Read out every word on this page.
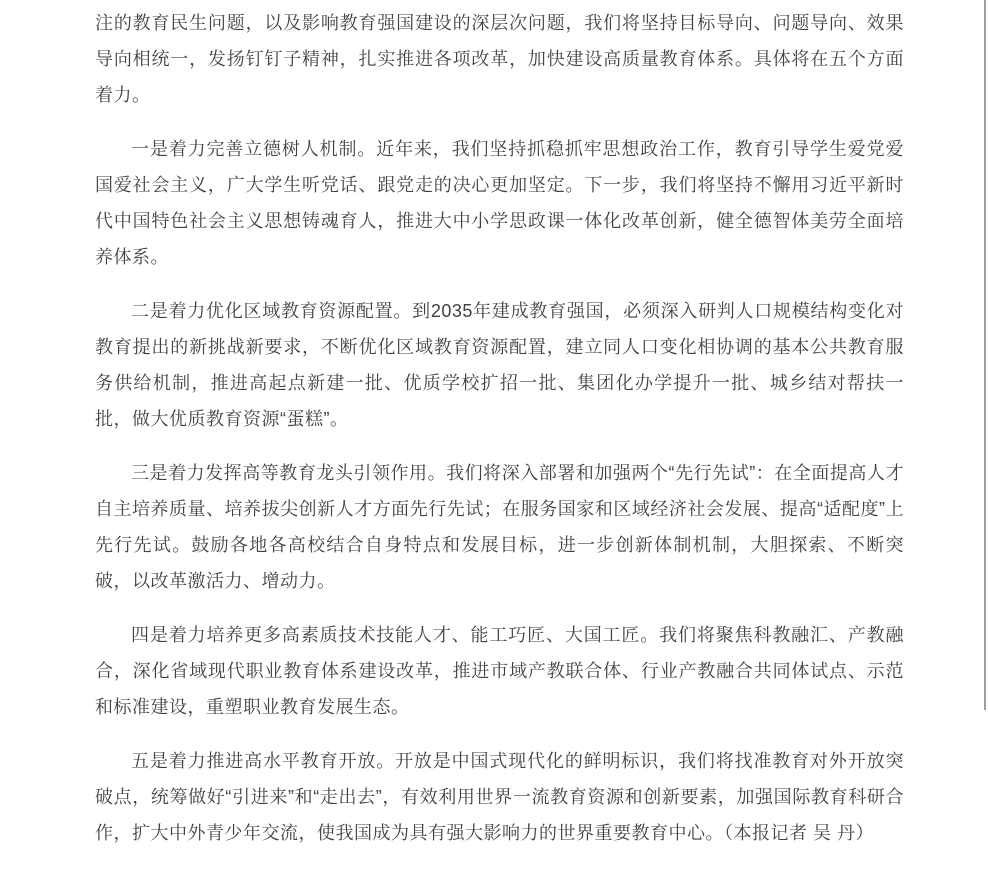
注的教育民生问题，以及影响教育强国建设的深层次问题，我们将坚持目标导向、问题导向、效果导向相统一，发扬钉钉子精神，扎实推进各项改革，加快建设高质量教育体系。具体将在五个方面着力。

一是着力完善立德树人机制。近年来，我们坚持抓稳抓牢思想政治工作，教育引导学生爱党爱国爱社会主义，广大学生听党话、跟党走的决心更加坚定。下一步，我们将坚持不懈用习近平新时代中国特色社会主义思想铸魂育人，推进大中小学思政课一体化改革创新，健全德智体美劳全面培养体系。

二是着力优化区域教育资源配置。到2035年建成教育强国，必须深入研判人口规模结构变化对教育提出的新挑战新要求，不断优化区域教育资源配置，建立同人口变化相协调的基本公共教育服务供给机制，推进高起点新建一批、优质学校扩招一批、集团化办学提升一批、城乡结对帮扶一批，做大优质教育资源“蛋糕”。

三是着力发挥高等教育龙头引领作用。我们将深入部署和加强两个“先行先试”：在全面提高人才自主培养质量、培养拔尖创新人才方面先行先试；在服务国家和区域经济社会发展、提高“适配度”上先行先试。鼓励各地各高校结合自身特点和发展目标，进一步创新体制机制，大胆探索、不断突破，以改革激活力、增动力。

四是着力培养更多高素质技术技能人才、能工巧匠、大国工匠。我们将聚焦科教融汇、产教融合，深化省域现代职业教育体系建设改革，推进市域产教联合体、行业产教融合共同体试点、示范和标准建设，重塑职业教育发展生态。

五是着力推进高水平教育开放。开放是中国式现代化的鲜明标识，我们将找准教育对外开放突破点，统筹做好“引进来”和“走出去”，有效利用世界一流教育资源和创新要素，加强国际教育科研合作，扩大中外青少年交流，使我国成为具有强大影响力的世界重要教育中心。（本报记者 吴 丹）
